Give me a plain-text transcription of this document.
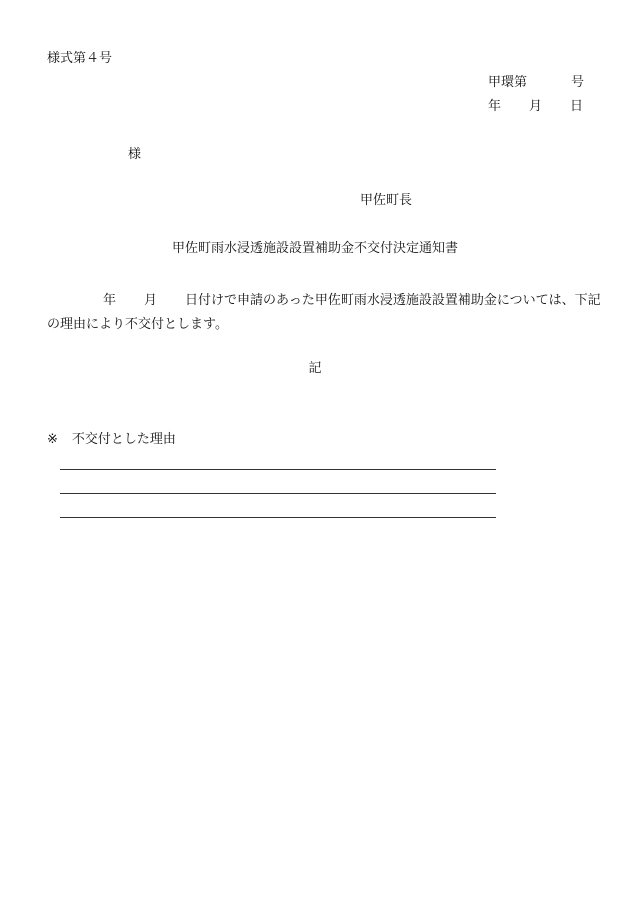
様式第４号
甲環第	号
年 月 日
様
甲佐町長
甲佐町雨水浸透施設設置補助金不交付決定通知書
年 月 日付けで申請のあった甲佐町雨水浸透施設設置補助金については、下記の理由により不交付とします。
記
※ 不交付とした理由
